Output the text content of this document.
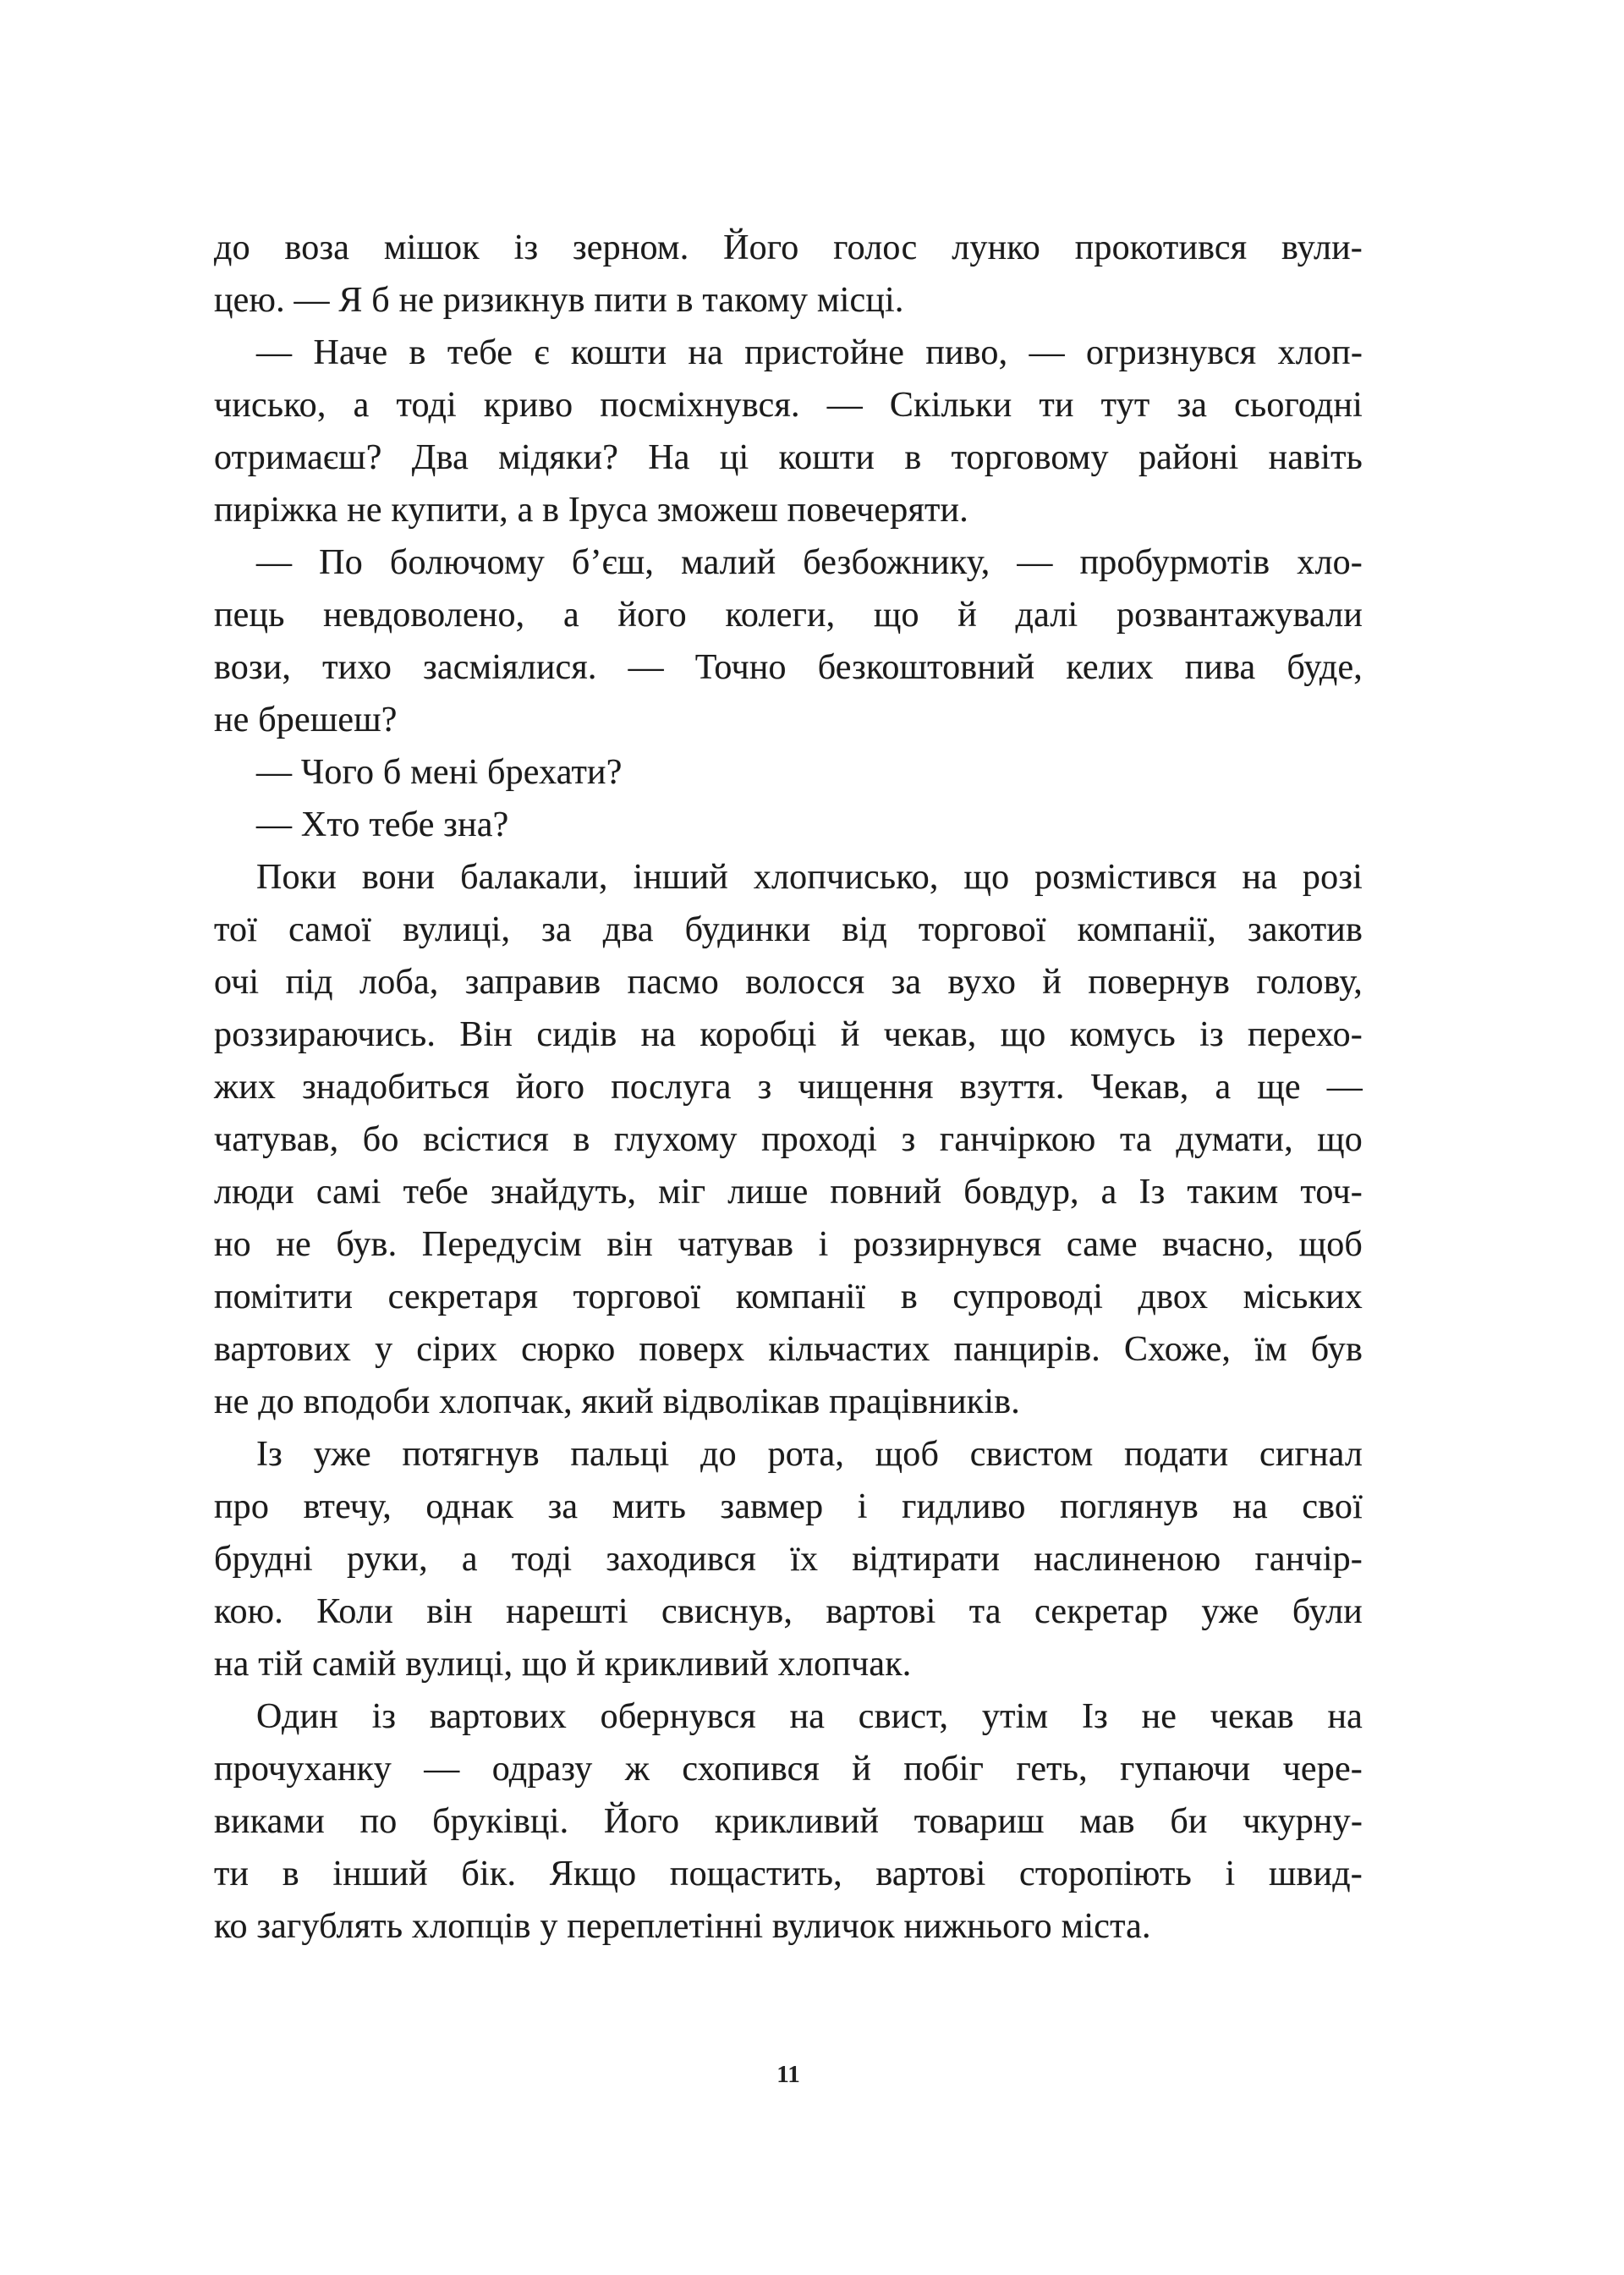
до воза мішок із зерном. Його голос лунко прокотився вули-
цею. — Я б не ризикнув пити в такому місці.
— Наче в тебе є кошти на пристойне пиво, — огризнувся хлоп-
чисько, а тоді криво посміхнувся. — Скільки ти тут за сьогодні
отримаєш? Два мідяки? На ці кошти в торговому районі навіть
пиріжка не купити, а в Іруса зможеш повечеряти.
— По болючому б’єш, малий безбожнику, — пробурмотів хло-
пець невдоволено, а його колеги, що й далі розвантажували
вози, тихо засміялися. — Точно безкоштовний келих пива буде,
не брешеш?
— Чого б мені брехати?
— Хто тебе зна?
Поки вони балакали, інший хлопчисько, що розмістився на розі
тої самої вулиці, за два будинки від торгової компанії, закотив
очі під лоба, заправив пасмо волосся за вухо й повернув голову,
роззираючись. Він сидів на коробці й чекав, що комусь із перехо-
жих знадобиться його послуга з чищення взуття. Чекав, а ще —
чатував, бо всістися в глухому проході з ганчіркою та думати, що
люди самі тебе знайдуть, міг лише повний бовдур, а Із таким точ-
но не був. Передусім він чатував і роззирнувся саме вчасно, щоб
помітити секретаря торгової компанії в супроводі двох міських
вартових у сірих сюрко поверх кільчастих панцирів. Схоже, їм був
не до вподоби хлопчак, який відволікав працівників.
Із уже потягнув пальці до рота, щоб свистом подати сигнал
про втечу, однак за мить завмер і гидливо поглянув на свої
брудні руки, а тоді заходився їх відтирати наслиненою ганчір-
кою. Коли він нарешті свиснув, вартові та секретар уже були
на тій самій вулиці, що й крикливий хлопчак.
Один із вартових обернувся на свист, утім Із не чекав на
прочуханку — одразу ж схопився й побіг геть, гупаючи чере-
виками по бруківці. Його крикливий товариш мав би чкурну-
ти в інший бік. Якщо пощастить, вартові сторопіють і швид-
ко загублять хлопців у переплетінні вуличок нижнього міста.
11
